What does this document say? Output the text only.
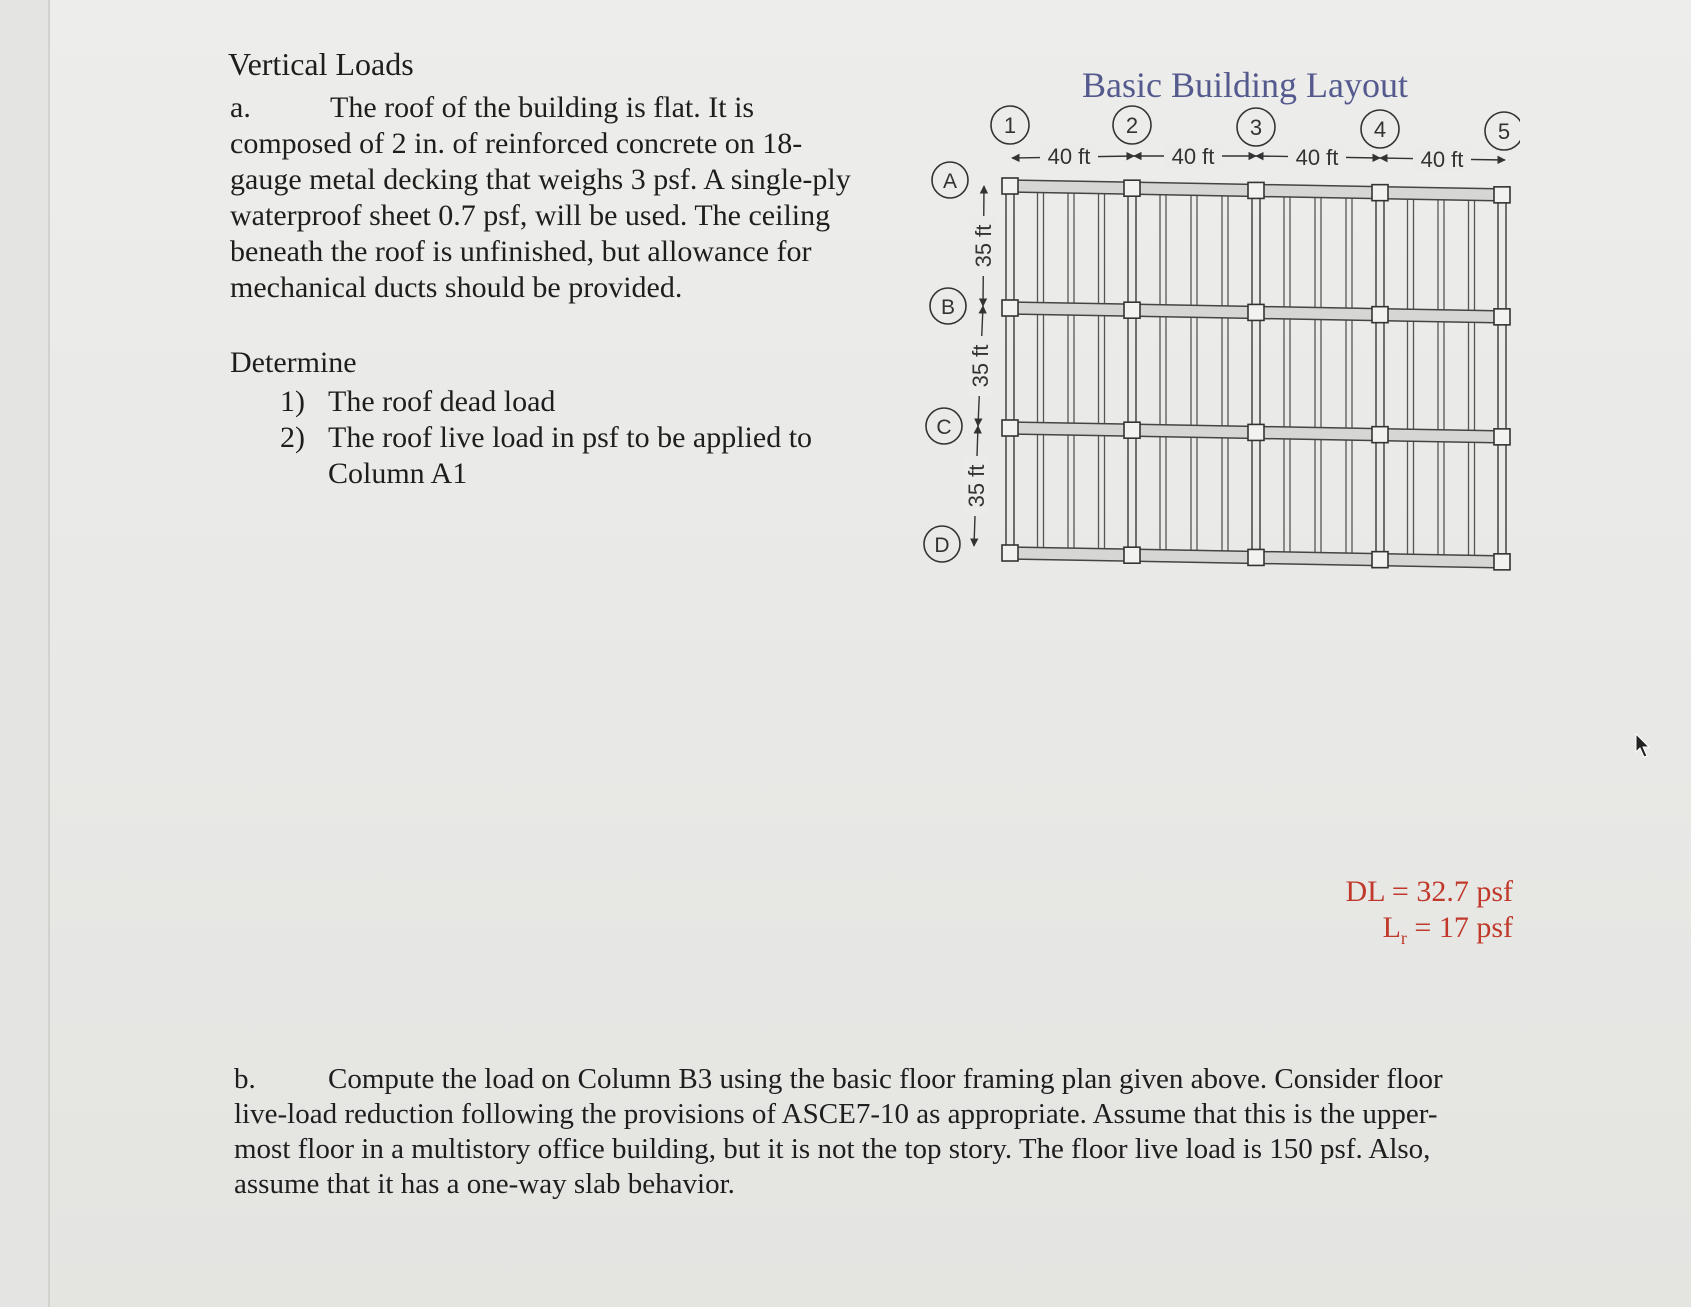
Vertical Loads
a.	The roof of the building is flat. It is composed of 2 in. of reinforced concrete on 18-gauge metal decking that weighs 3 psf. A single-ply waterproof sheet 0.7 psf, will be used. The ceiling beneath the roof is unfinished, but allowance for mechanical ducts should be provided.
Determine
1) The roof dead load
2) The roof live load in psf to be applied to
Column A1
Basic Building Layout
1	2	3	4	5
A
B
C
D
40 ft	40 ft	40 ft	40 ft
35 ft
35 ft
35 ft
DL = 32.7 psf
$L_r = 17$ psf
b. Compute the load on Column B3 using the basic floor framing plan given above. Consider floor live-load reduction following the provisions of ASCE7-10 as appropriate. Assume that this is the upper-most floor in a multistory office building, but it is not the top story. The floor live load is 150 psf. Also, assume that it has a one-way slab behavior.
